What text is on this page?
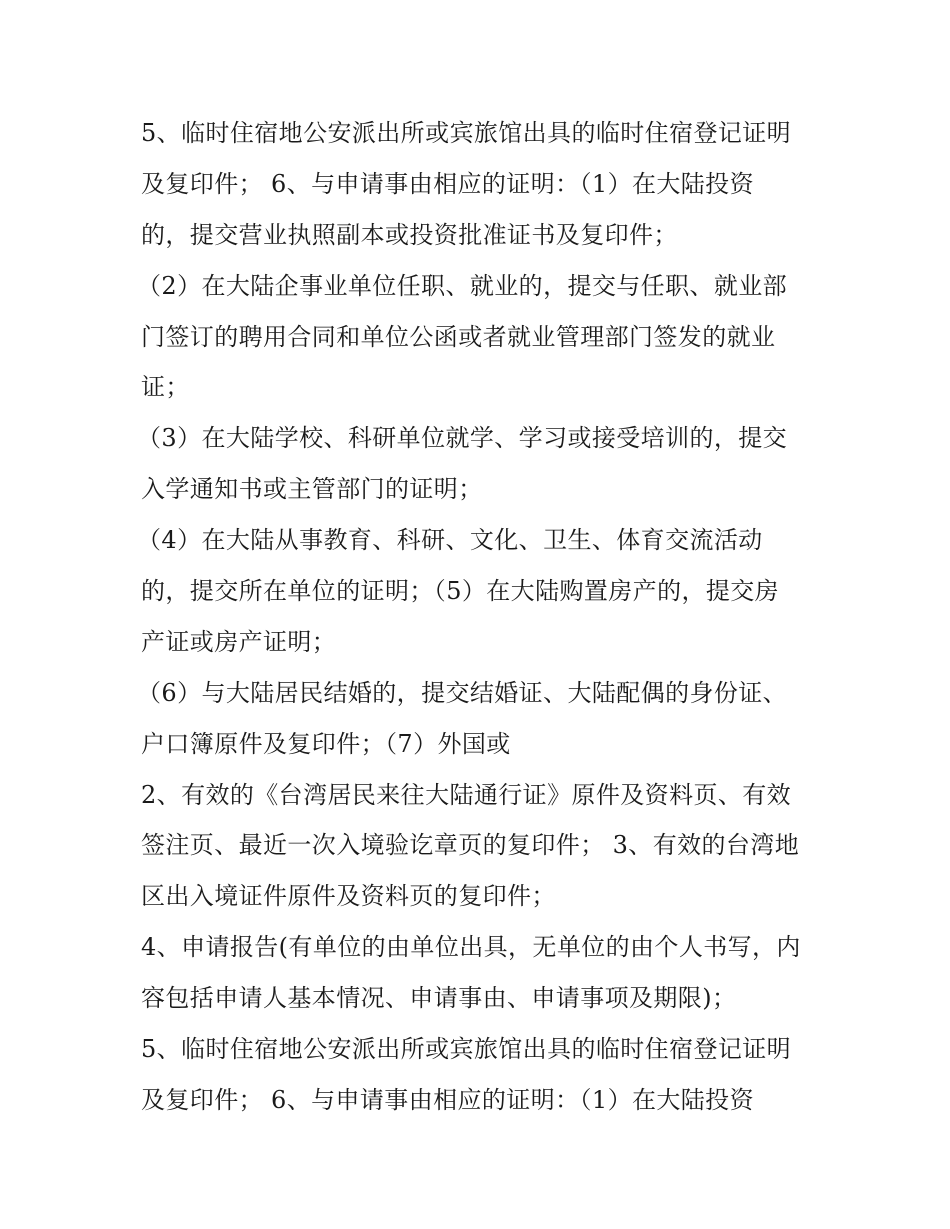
5、临时住宿地公安派出所或宾旅馆出具的临时住宿登记证明
及复印件； 6、与申请事由相应的证明：（1）在大陆投资
的，提交营业执照副本或投资批准证书及复印件；
（2）在大陆企事业单位任职、就业的，提交与任职、就业部
门签订的聘用合同和单位公函或者就业管理部门签发的就业
证；
（3）在大陆学校、科研单位就学、学习或接受培训的，提交
入学通知书或主管部门的证明；
（4）在大陆从事教育、科研、文化、卫生、体育交流活动
的，提交所在单位的证明；（5）在大陆购置房产的，提交房
产证或房产证明；
（6）与大陆居民结婚的，提交结婚证、大陆配偶的身份证、
户口簿原件及复印件；（7）外国或
2、有效的《台湾居民来往大陆通行证》原件及资料页、有效
签注页、最近一次入境验讫章页的复印件； 3、有效的台湾地
区出入境证件原件及资料页的复印件；
4、申请报告(有单位的由单位出具，无单位的由个人书写，内
容包括申请人基本情况、申请事由、申请事项及期限)；
5、临时住宿地公安派出所或宾旅馆出具的临时住宿登记证明
及复印件； 6、与申请事由相应的证明：（1）在大陆投资
